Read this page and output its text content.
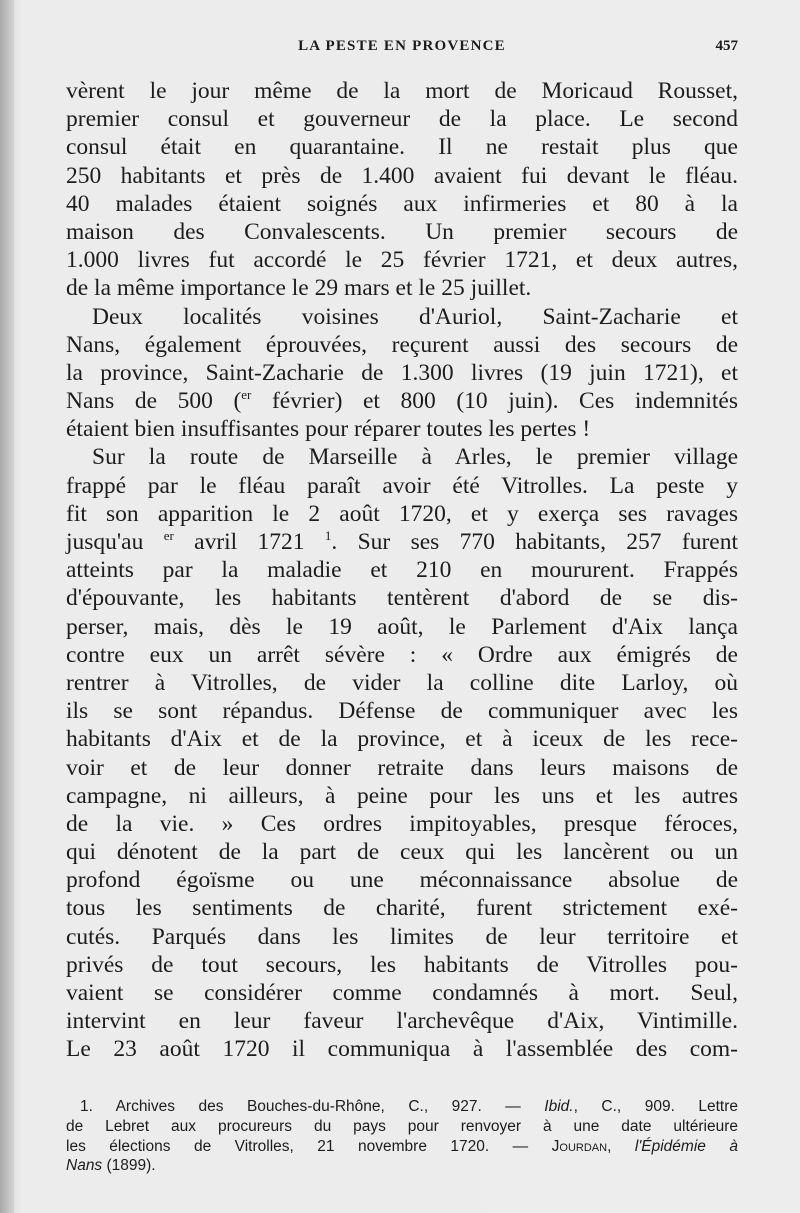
LA PESTE EN PROVENCE	457
vèrent le jour même de la mort de Moricaud Rousset,
premier consul et gouverneur de la place. Le second
consul était en quarantaine. Il ne restait plus que
250 habitants et près de 1.400 avaient fui devant le fléau.
40 malades étaient soignés aux infirmeries et 80 à la
maison des Convalescents. Un premier secours de
1.000 livres fut accordé le 25 février 1721, et deux autres,
de la même importance le 29 mars et le 25 juillet.
Deux localités voisines d'Auriol, Saint-Zacharie et
Nans, également éprouvées, reçurent aussi des secours de
la province, Saint-Zacharie de 1.300 livres (19 juin 1721), et
Nans de 500 ($^{er}$ février) et 800 (10 juin). Ces indemnités
étaient bien insuffisantes pour réparer toutes les pertes !
Sur la route de Marseille à Arles, le premier village
frappé par le fléau paraît avoir été Vitrolles. La peste y
fit son apparition le 2 août 1720, et y exerça ses ravages
jusqu'au $^{er}$ avril 1721 $^1$. Sur ses 770 habitants, 257 furent
atteints par la maladie et 210 en moururent. Frappés
d'épouvante, les habitants tentèrent d'abord de se dis-
perser, mais, dès le 19 août, le Parlement d'Aix lança
contre eux un arrêt sévère : « Ordre aux émigrés de
rentrer à Vitrolles, de vider la colline dite Larloy, où
ils se sont répandus. Défense de communiquer avec les
habitants d'Aix et de la province, et à iceux de les rece-
voir et de leur donner retraite dans leurs maisons de
campagne, ni ailleurs, à peine pour les uns et les autres
de la vie. » Ces ordres impitoyables, presque féroces,
qui dénotent de la part de ceux qui les lancèrent ou un
profond égoïsme ou une méconnaissance absolue de
tous les sentiments de charité, furent strictement exé-
cutés. Parqués dans les limites de leur territoire et
privés de tout secours, les habitants de Vitrolles pou-
vaient se considérer comme condamnés à mort. Seul,
intervint en leur faveur l'archevêque d'Aix, Vintimille.
Le 23 août 1720 il communiqua à l'assemblée des com-
1. Archives des Bouches-du-Rhône, C., 927. — Ibid., C., 909. Lettre
de Lebret aux procureurs du pays pour renvoyer à une date ultérieure
les élections de Vitrolles, 21 novembre 1720. — Jourdan, l'Épidémie à
Nans (1899).
